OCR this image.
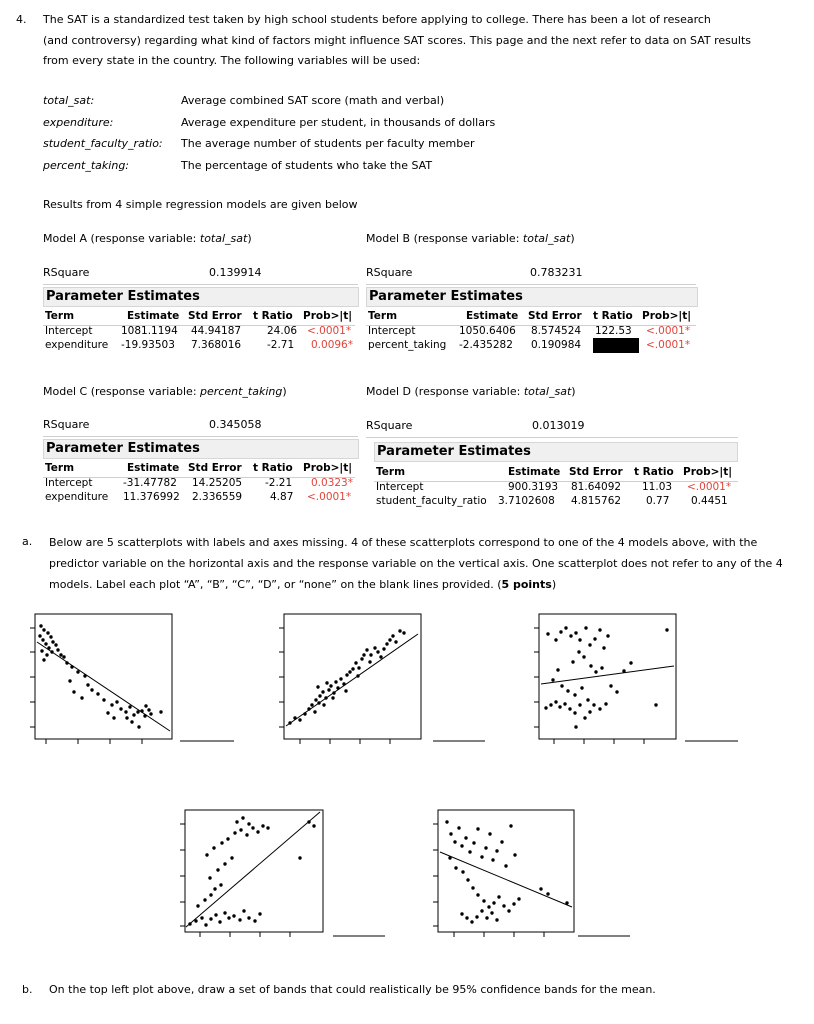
4. The SAT is a standardized test taken by high school students before applying to college. There has been a lot of research
(and controversy) regarding what kind of factors might influence SAT scores. This page and the next refer to data on SAT results
from every state in the country. The following variables will be used:
total_sat:	Average combined SAT score (math and verbal)
expenditure:	Average expenditure per student, in thousands of dollars
student_faculty_ratio: The average number of students per faculty member
percent_taking:	The percentage of students who take the SAT
Results from 4 simple regression models are given below
Model A (response variable: total_sat)
RSquare	0.139914
Parameter Estimates
Term	Estimate Std Error t Ratio Prob>|t|
Intercept	1081.1194 44.94187 24.06 <.0001*
expenditure -19.93503 7.368016 -2.71 0.0096*
Model B (response variable: total_sat)
RSquare	0.783231
Parameter Estimates
Term	Estimate Std Error t Ratio Prob>|t|
Intercept	1050.6406 8.574524 122.53 <.0001*
percent_taking -2.435282 0.190984	<.0001*
Model C (response variable: percent_taking)
RSquare	0.345058
Parameter Estimates
Term	Estimate Std Error t Ratio Prob>|t|
Intercept	-31.47782 14.25205 -2.21 0.0323*
expenditure 11.376992 2.336559	4.87 <.0001*
Model D (response variable: total_sat)
RSquare	0.013019
Parameter Estimates
Term	Estimate Std Error t Ratio Prob>|t|
Intercept	900.3193 81.64092 11.03 <.0001*
student_faculty_ratio 3.7102608 4.815762 0.77 0.4451
a. Below are 5 scatterplots with labels and axes missing. 4 of these scatterplots correspond to one of the 4 models above, with the
predictor variable on the horizontal axis and the response variable on the vertical axis. One scatterplot does not refer to any of the 4
models. Label each plot “A”, “B”, “C”, “D”, or “none” on the blank lines provided. (5 points)
b. On the top left plot above, draw a set of bands that could realistically be 95% confidence bands for the mean.
